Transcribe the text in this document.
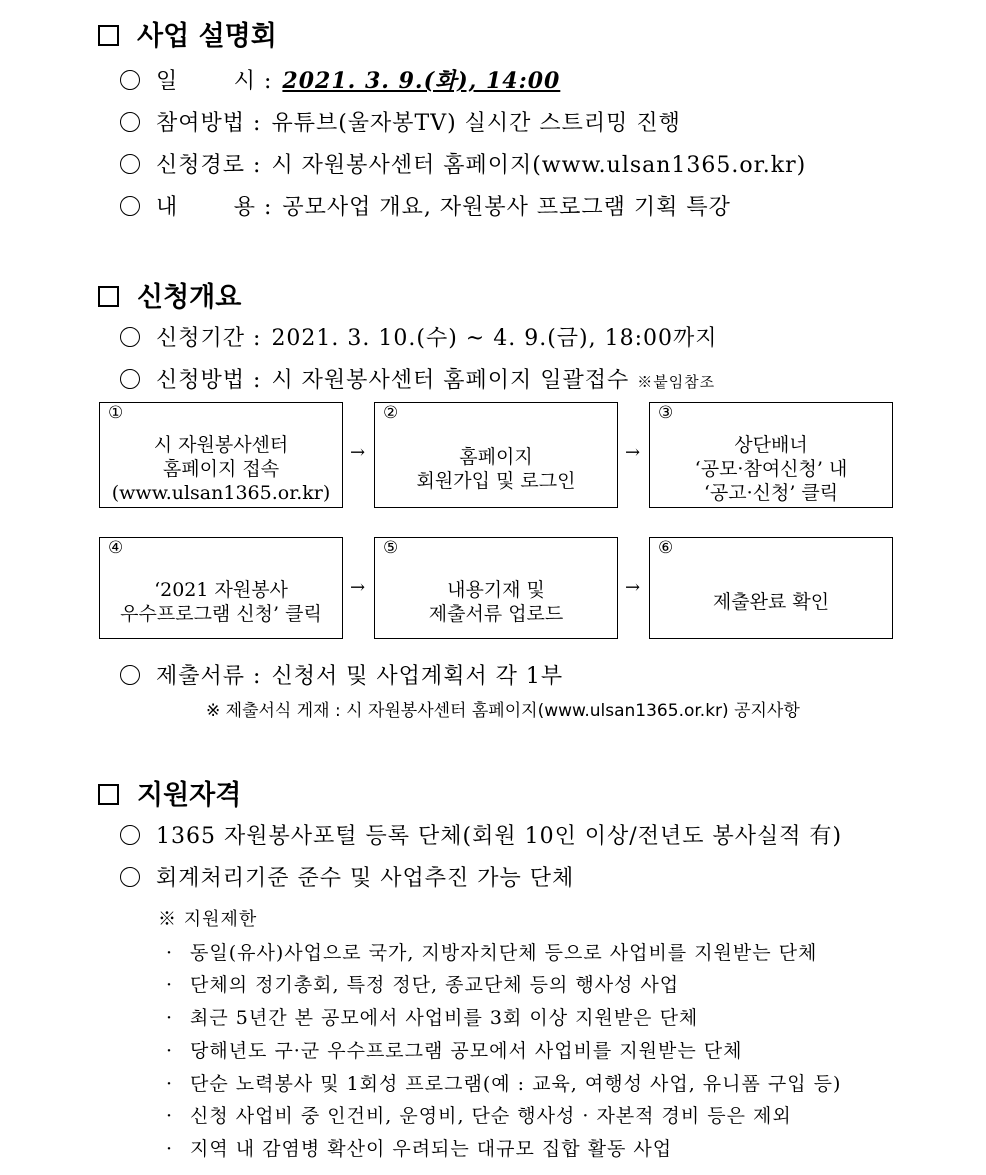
사업 설명회
일	시 : 2021. 3. 9.(화), 14:00
참여방법 : 유튜브(울자봉TV) 실시간 스트리밍 진행
신청경로 : 시 자원봉사센터 홈페이지(www.ulsan1365.or.kr)
내	용 : 공모사업 개요, 자원봉사 프로그램 기획 특강
신청개요
신청기간 : 2021. 3. 10.(수) ~ 4. 9.(금), 18:00까지
신청방법 : 시 자원봉사센터 홈페이지 일괄접수 ※붙임참조
①
시 자원봉사센터
홈페이지 접속
(www.ulsan1365.or.kr)
→
②
홈페이지
회원가입 및 로그인
→
③
상단배너
‘공모·참여신청’ 내
‘공고·신청’ 클릭
④
‘2021 자원봉사
우수프로그램 신청’ 클릭
→
⑤
내용기재 및
제출서류 업로드
→
⑥
제출완료 확인
제출서류 : 신청서 및 사업계획서 각 1부
※ 제출서식 게재 : 시 자원봉사센터 홈페이지(www.ulsan1365.or.kr) 공지사항
지원자격
1365 자원봉사포털 등록 단체(회원 10인 이상/전년도 봉사실적 有)
회계처리기준 준수 및 사업추진 가능 단체
※ 지원제한
· 동일(유사)사업으로 국가, 지방자치단체 등으로 사업비를 지원받는 단체
· 단체의 정기총회, 특정 정단, 종교단체 등의 행사성 사업
· 최근 5년간 본 공모에서 사업비를 3회 이상 지원받은 단체
· 당해년도 구·군 우수프로그램 공모에서 사업비를 지원받는 단체
· 단순 노력봉사 및 1회성 프로그램(예 : 교육, 여행성 사업, 유니폼 구입 등)
· 신청 사업비 중 인건비, 운영비, 단순 행사성 · 자본적 경비 등은 제외
· 지역 내 감염병 확산이 우려되는 대규모 집합 활동 사업
